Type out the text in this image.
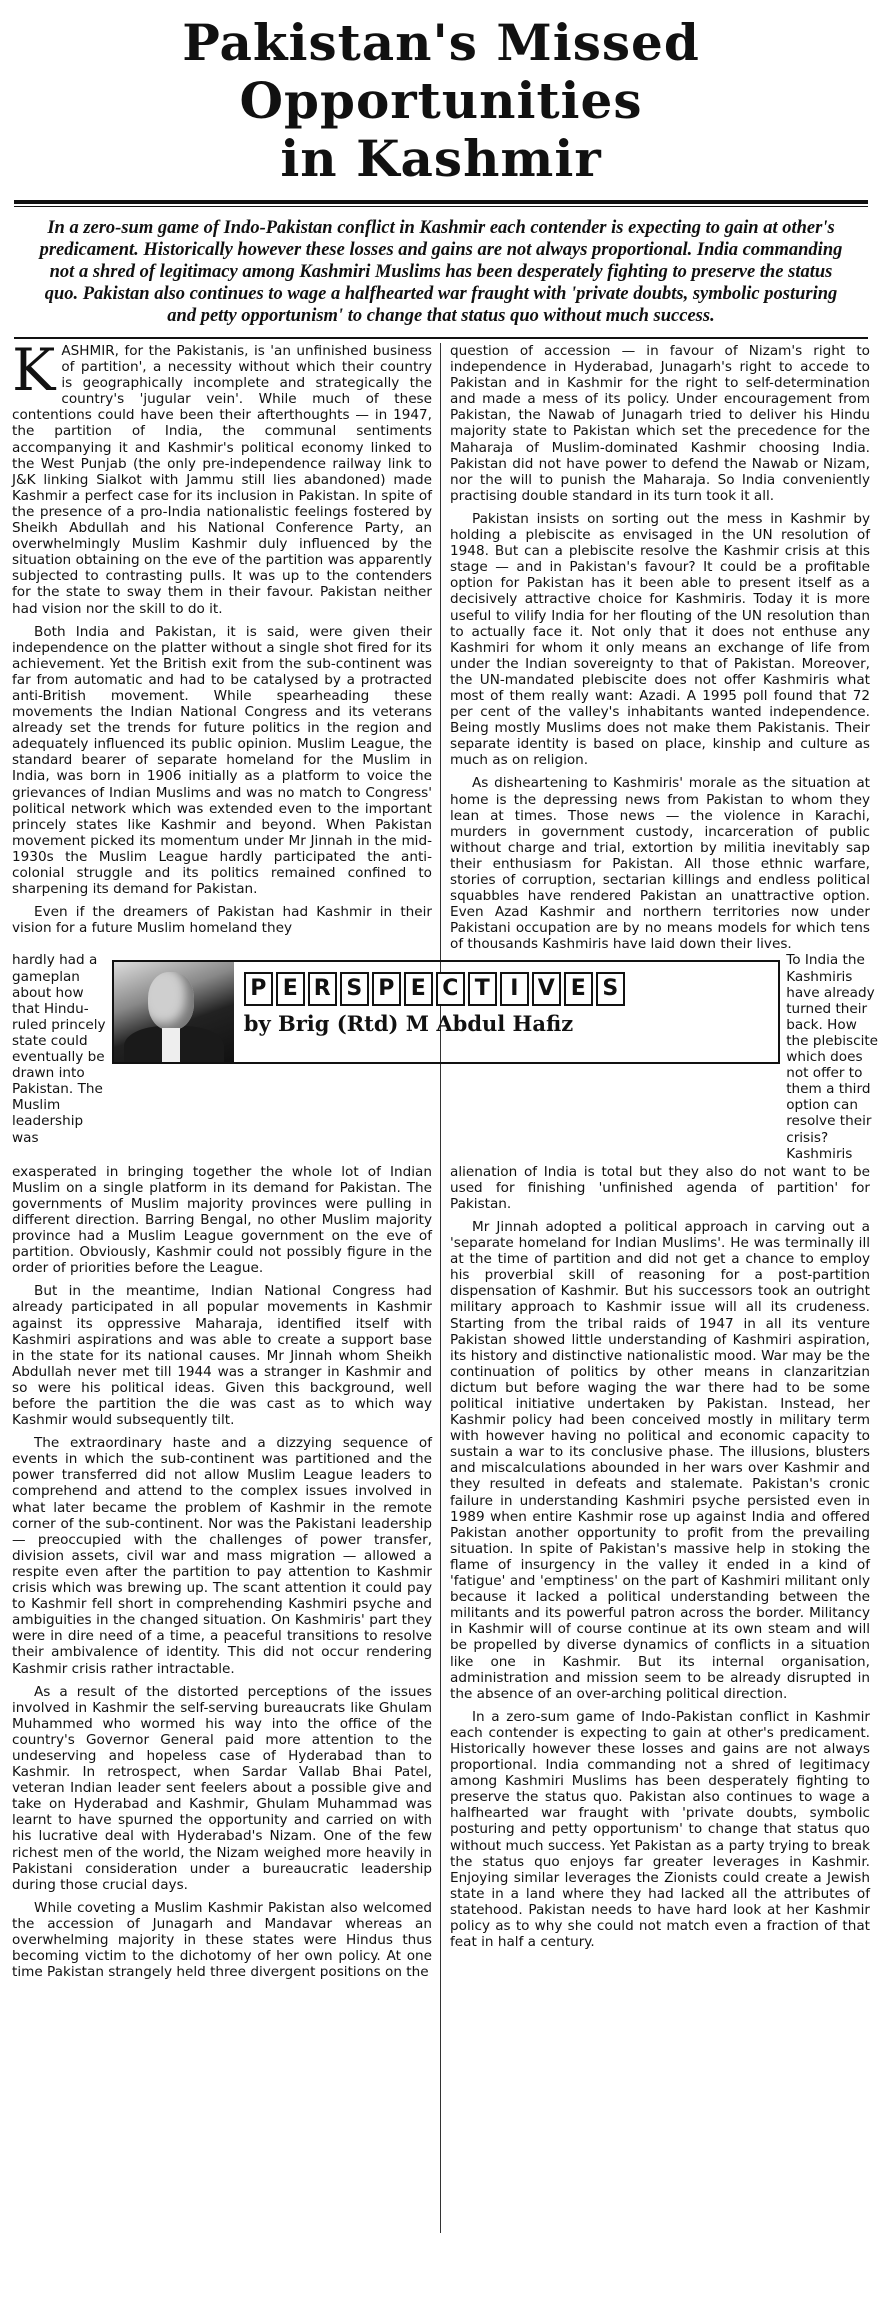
Pakistan's Missed
Opportunities
in Kashmir
In a zero-sum game of Indo-Pakistan conflict in Kashmir each contender is expecting to gain at other's predicament. Historically however these losses and gains are not always proportional. India commanding not a shred of legitimacy among Kashmiri Muslims has been desperately fighting to preserve the status quo. Pakistan also continues to wage a halfhearted war fraught with 'private doubts, symbolic posturing and petty opportunism' to change that status quo without much success.

KASHMIR, for the Pakistanis, is 'an unfinished business of partition', a necessity without which their country is geographically incomplete and strategically the country's 'jugular vein'. While much of these contentions could have been their afterthoughts — in 1947, the partition of India, the communal sentiments accompanying it and Kashmir's political economy linked to the West Punjab (the only pre-independence railway link to J&K linking Sialkot with Jammu still lies abandoned) made Kashmir a perfect case for its inclusion in Pakistan. In spite of the presence of a pro-India nationalistic feelings fostered by Sheikh Abdullah and his National Conference Party, an overwhelmingly Muslim Kashmir duly influenced by the situation obtaining on the eve of the partition was apparently subjected to contrasting pulls. It was up to the contenders for the state to sway them in their favour. Pakistan neither had vision nor the skill to do it.

Both India and Pakistan, it is said, were given their independence on the platter without a single shot fired for its achievement. Yet the British exit from the sub-continent was far from automatic and had to be catalysed by a protracted anti-British movement. While spearheading these movements the Indian National Congress and its veterans already set the trends for future politics in the region and adequately influenced its public opinion. Muslim League, the standard bearer of separate homeland for the Muslim in India, was born in 1906 initially as a platform to voice the grievances of Indian Muslims and was no match to Congress' political network which was extended even to the important princely states like Kashmir and beyond. When Pakistan movement picked its momentum under Mr Jinnah in the mid-1930s the Muslim League hardly participated the anti-colonial struggle and its politics remained confined to sharpening its demand for Pakistan.

Even if the dreamers of Pakistan had Kashmir in their vision for a future Muslim homeland they

question of accession — in favour of Nizam's right to independence in Hyderabad, Junagarh's right to accede to Pakistan and in Kashmir for the right to self-determination and made a mess of its policy. Under encouragement from Pakistan, the Nawab of Junagarh tried to deliver his Hindu majority state to Pakistan which set the precedence for the Maharaja of Muslim-dominated Kashmir choosing India. Pakistan did not have power to defend the Nawab or Nizam, nor the will to punish the Maharaja. So India conveniently practising double standard in its turn took it all.

Pakistan insists on sorting out the mess in Kashmir by holding a plebiscite as envisaged in the UN resolution of 1948. But can a plebiscite resolve the Kashmir crisis at this stage — and in Pakistan's favour? It could be a profitable option for Pakistan has it been able to present itself as a decisively attractive choice for Kashmiris. Today it is more useful to vilify India for her flouting of the UN resolution than to actually face it. Not only that it does not enthuse any Kashmiri for whom it only means an exchange of life from under the Indian sovereignty to that of Pakistan. Moreover, the UN-mandated plebiscite does not offer Kashmiris what most of them really want: Azadi. A 1995 poll found that 72 per cent of the valley's inhabitants wanted independence. Being mostly Muslims does not make them Pakistanis. Their separate identity is based on place, kinship and culture as much as on religion.

As disheartening to Kashmiris' morale as the situation at home is the depressing news from Pakistan to whom they lean at times. Those news — the violence in Karachi, murders in government custody, incarceration of public without charge and trial, extortion by militia inevitably sap their enthusiasm for Pakistan. All those ethnic warfare, stories of corruption, sectarian killings and endless political squabbles have rendered Pakistan an unattractive option. Even Azad Kashmir and northern territories now under Pakistani occupation are by no means models for which tens of thousands Kashmiris have laid down their lives.

hardly had a gameplan about how that Hindu-ruled princely state could eventually be drawn into Pakistan. The Muslim leadership was
P E R S P E C T I V E S
by Brig (Rtd) M Abdul Hafiz
To India the Kashmiris have already turned their back. How the plebiscite which does not offer to them a third option can resolve their crisis? Kashmiris

exasperated in bringing together the whole lot of Indian Muslim on a single platform in its demand for Pakistan. The governments of Muslim majority provinces were pulling in different direction. Barring Bengal, no other Muslim majority province had a Muslim League government on the eve of partition. Obviously, Kashmir could not possibly figure in the order of priorities before the League.

But in the meantime, Indian National Congress had already participated in all popular movements in Kashmir against its oppressive Maharaja, identified itself with Kashmiri aspirations and was able to create a support base in the state for its national causes. Mr Jinnah whom Sheikh Abdullah never met till 1944 was a stranger in Kashmir and so were his political ideas. Given this background, well before the partition the die was cast as to which way Kashmir would subsequently tilt.

The extraordinary haste and a dizzying sequence of events in which the sub-continent was partitioned and the power transferred did not allow Muslim League leaders to comprehend and attend to the complex issues involved in what later became the problem of Kashmir in the remote corner of the sub-continent. Nor was the Pakistani leadership — preoccupied with the challenges of power transfer, division assets, civil war and mass migration — allowed a respite even after the partition to pay attention to Kashmir crisis which was brewing up. The scant attention it could pay to Kashmir fell short in comprehending Kashmiri psyche and ambiguities in the changed situation. On Kashmiris' part they were in dire need of a time, a peaceful transitions to resolve their ambivalence of identity. This did not occur rendering Kashmir crisis rather intractable.

As a result of the distorted perceptions of the issues involved in Kashmir the self-serving bureaucrats like Ghulam Muhammed who wormed his way into the office of the country's Governor General paid more attention to the undeserving and hopeless case of Hyderabad than to Kashmir. In retrospect, when Sardar Vallab Bhai Patel, veteran Indian leader sent feelers about a possible give and take on Hyderabad and Kashmir, Ghulam Muhammad was learnt to have spurned the opportunity and carried on with his lucrative deal with Hyderabad's Nizam. One of the few richest men of the world, the Nizam weighed more heavily in Pakistani consideration under a bureaucratic leadership during those crucial days.

While coveting a Muslim Kashmir Pakistan also welcomed the accession of Junagarh and Mandavar whereas an overwhelming majority in these states were Hindus thus becoming victim to the dichotomy of her own policy. At one time Pakistan strangely held three divergent positions on the

alienation of India is total but they also do not want to be used for finishing 'unfinished agenda of partition' for Pakistan.

Mr Jinnah adopted a political approach in carving out a 'separate homeland for Indian Muslims'. He was terminally ill at the time of partition and did not get a chance to employ his proverbial skill of reasoning for a post-partition dispensation of Kashmir. But his successors took an outright military approach to Kashmir issue will all its crudeness. Starting from the tribal raids of 1947 in all its venture Pakistan showed little understanding of Kashmiri aspiration, its history and distinctive nationalistic mood. War may be the continuation of politics by other means in clanzaritzian dictum but before waging the war there had to be some political initiative undertaken by Pakistan. Instead, her Kashmir policy had been conceived mostly in military term with however having no political and economic capacity to sustain a war to its conclusive phase. The illusions, blusters and miscalculations abounded in her wars over Kashmir and they resulted in defeats and stalemate. Pakistan's cronic failure in understanding Kashmiri psyche persisted even in 1989 when entire Kashmir rose up against India and offered Pakistan another opportunity to profit from the prevailing situation. In spite of Pakistan's massive help in stoking the flame of insurgency in the valley it ended in a kind of 'fatigue' and 'emptiness' on the part of Kashmiri militant only because it lacked a political understanding between the militants and its powerful patron across the border. Militancy in Kashmir will of course continue at its own steam and will be propelled by diverse dynamics of conflicts in a situation like one in Kashmir. But its internal organisation, administration and mission seem to be already disrupted in the absence of an over-arching political direction.

In a zero-sum game of Indo-Pakistan conflict in Kashmir each contender is expecting to gain at other's predicament. Historically however these losses and gains are not always proportional. India commanding not a shred of legitimacy among Kashmiri Muslims has been desperately fighting to preserve the status quo. Pakistan also continues to wage a halfhearted war fraught with 'private doubts, symbolic posturing and petty opportunism' to change that status quo without much success. Yet Pakistan as a party trying to break the status quo enjoys far greater leverages in Kashmir. Enjoying similar leverages the Zionists could create a Jewish state in a land where they had lacked all the attributes of statehood. Pakistan needs to have hard look at her Kashmir policy as to why she could not match even a fraction of that feat in half a century.
